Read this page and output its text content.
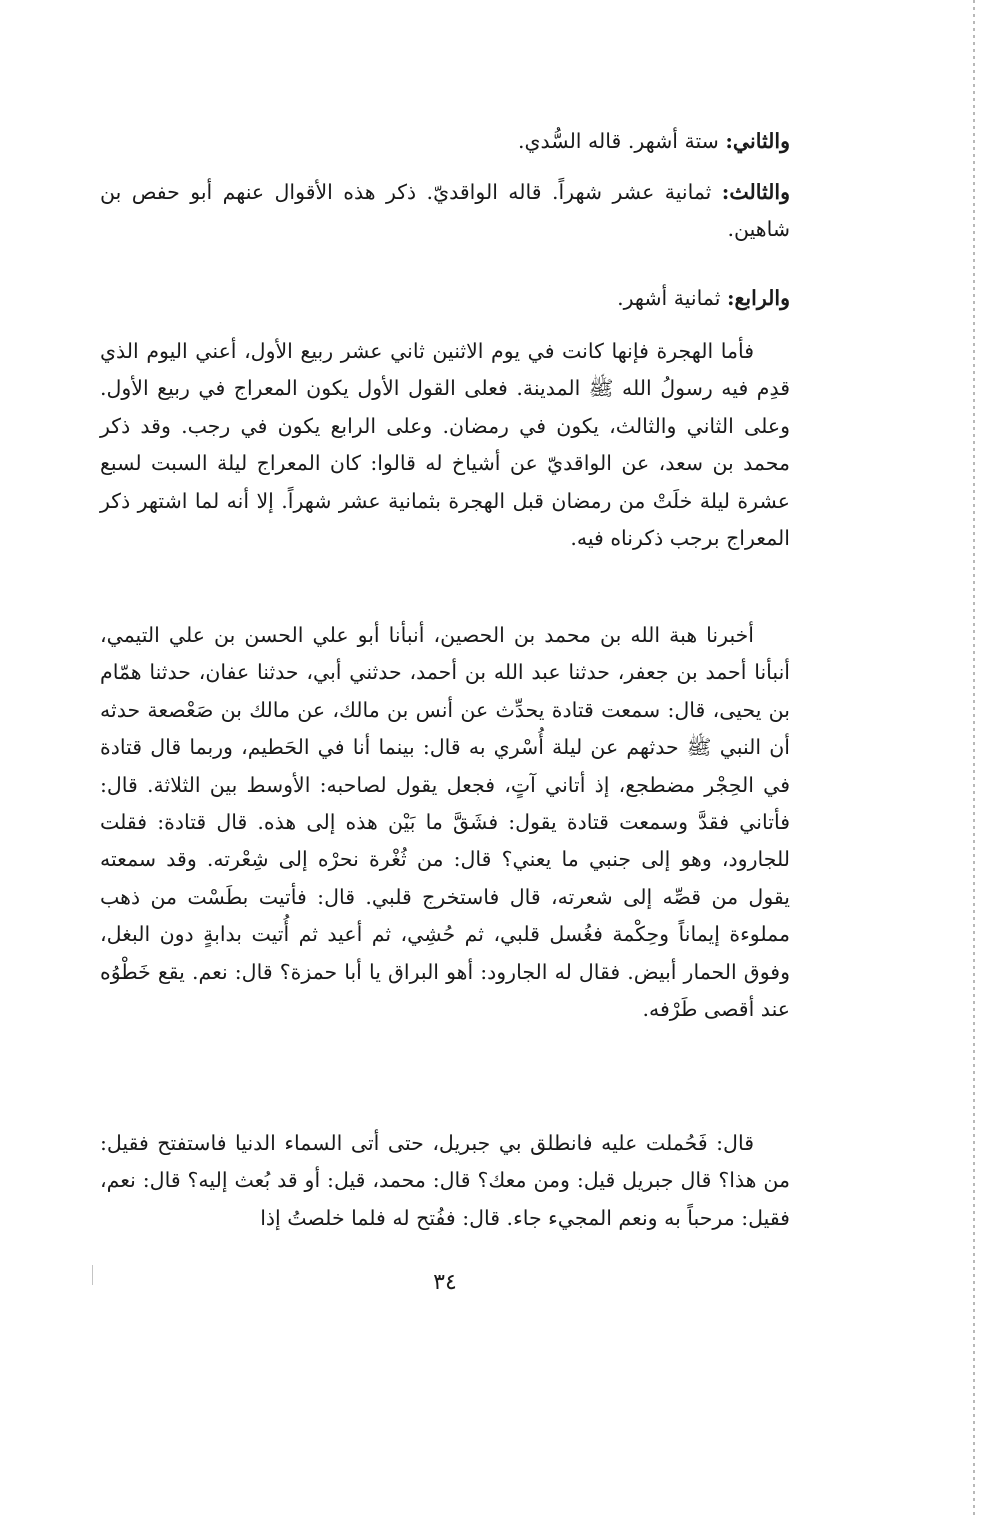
والثاني: ستة أشهر. قاله السُّدي.

والثالث: ثمانية عشر شهراً. قاله الواقديّ. ذكر هذه الأقوال عنهم أبو حفص بن شاهين.

والرابع: ثمانية أشهر.

فأما الهجرة فإنها كانت في يوم الاثنين ثاني عشر ربيع الأول، أعني اليوم الذي قدِم فيه رسولُ الله ﷺ المدينة. فعلى القول الأول يكون المعراج في ربيع الأول. وعلى الثاني والثالث، يكون في رمضان. وعلى الرابع يكون في رجب. وقد ذكر محمد بن سعد، عن الواقديّ عن أشياخ له قالوا: كان المعراج ليلة السبت لسبع عشرة ليلة خلَتْ من رمضان قبل الهجرة بثمانية عشر شهراً. إلا أنه لما اشتهر ذكر المعراج برجب ذكرناه فيه.

أخبرنا هبة الله بن محمد بن الحصين، أنبأنا أبو علي الحسن بن علي التيمي، أنبأنا أحمد بن جعفر، حدثنا عبد الله بن أحمد، حدثني أبي، حدثنا عفان، حدثنا همّام بن يحيى، قال: سمعت قتادة يحدِّث عن أنس بن مالك، عن مالك بن صَعْصعة حدثه أن النبي ﷺ حدثهم عن ليلة أُسْري به قال: بينما أنا في الحَطيم، وربما قال قتادة في الحِجْر مضطجع، إذ أتاني آتٍ، فجعل يقول لصاحبه: الأوسط بين الثلاثة. قال: فأتاني فقدَّ وسمعت قتادة يقول: فشَقَّ ما بَيْن هذه إلى هذه. قال قتادة: فقلت للجارود، وهو إلى جنبي ما يعني؟ قال: من ثُغْرة نحرْه إلى شِعْرته. وقد سمعته يقول من قصِّه إلى شعرته، قال فاستخرج قلبي. قال: فأتيت بطَسْت من ذهب مملوءة إيماناً وحِكْمة فغُسل قلبي، ثم حُشِي، ثم أعيد ثم أُتيت بدابةٍ دون البغل، وفوق الحمار أبيض. فقال له الجارود: أهو البراق يا أبا حمزة؟ قال: نعم. يقع خَطْوُه عند أقصى طَرْفه.

قال: فَحُملت عليه فانطلق بي جبريل، حتى أتى السماء الدنيا فاستفتح فقيل: من هذا؟ قال جبريل قيل: ومن معك؟ قال: محمد، قيل: أو قد بُعث إليه؟ قال: نعم، فقيل: مرحباً به ونعم المجيء جاء. قال: ففُتح له فلما خلصتُ إذا

٣٤
